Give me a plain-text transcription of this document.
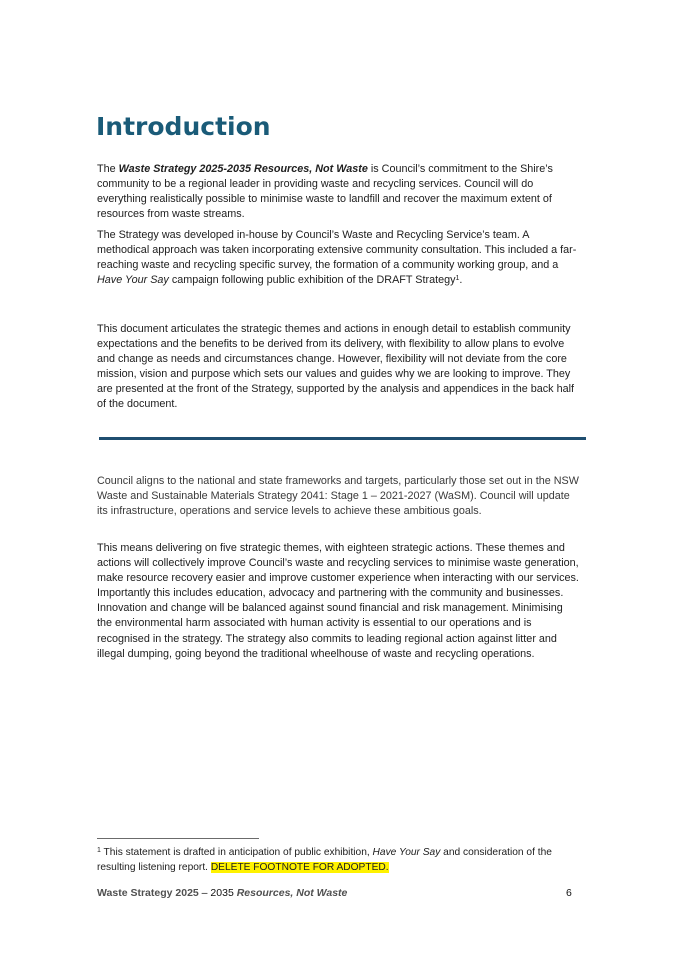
Introduction

The Waste Strategy 2025-2035 Resources, Not Waste is Council’s commitment to the Shire’s community to be a regional leader in providing waste and recycling services. Council will do everything realistically possible to minimise waste to landfill and recover the maximum extent of resources from waste streams.

The Strategy was developed in-house by Council’s Waste and Recycling Service’s team. A methodical approach was taken incorporating extensive community consultation. This included a far-reaching waste and recycling specific survey, the formation of a community working group, and a Have Your Say campaign following public exhibition of the DRAFT Strategy$^1$.

This document articulates the strategic themes and actions in enough detail to establish community expectations and the benefits to be derived from its delivery, with flexibility to allow plans to evolve and change as needs and circumstances change. However, flexibility will not deviate from the core mission, vision and purpose which sets our values and guides why we are looking to improve. They are presented at the front of the Strategy, supported by the analysis and appendices in the back half of the document.

Council aligns to the national and state frameworks and targets, particularly those set out in the NSW Waste and Sustainable Materials Strategy 2041: Stage 1 – 2021-2027 (WaSM). Council will update its infrastructure, operations and service levels to achieve these ambitious goals.

This means delivering on five strategic themes, with eighteen strategic actions. These themes and actions will collectively improve Council’s waste and recycling services to minimise waste generation, make resource recovery easier and improve customer experience when interacting with our services. Importantly this includes education, advocacy and partnering with the community and businesses. Innovation and change will be balanced against sound financial and risk management. Minimising the environmental harm associated with human activity is essential to our operations and is recognised in the strategy. The strategy also commits to leading regional action against litter and illegal dumping, going beyond the traditional wheelhouse of waste and recycling operations.

$^1$ This statement is drafted in anticipation of public exhibition, Have Your Say and consideration of the resulting listening report. DELETE FOOTNOTE FOR ADOPTED.

Waste Strategy 2025 – 2035 Resources, Not Waste	6
